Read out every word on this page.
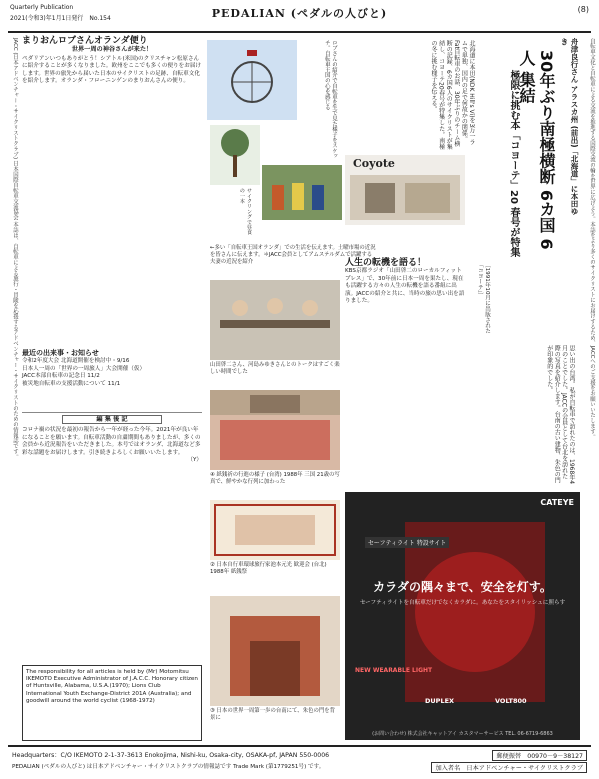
Quarterly Publication
2021(令和3)年1月1日発行　No.154	PEDALIAN (ペダルの人びと)	(8)
JACC (日本アドベンチャー・サイクリストクラブ) 日本国際自転車交流協会 本誌は、自転車による旅行・冒険を応援するアドベンチャー・サイクリストのための情報誌です。	自転車文化と自転車による交流を推進する国際交流の輪を世界に広げよう。本誌をより多くのサイクリストにお届けするため、JACCへのご支援をお願いいたします。
まりおんロブさんオランダ便り
世界一周の神谷さんが来た！

ペダリアンいつもありがとう！シアトル(米国)のクリスチャン松原さんに紹介することが多くなりました。欧州をここでも多くの便りをお届けします。世界の旅先から届いた日本のサイクリストの足跡、自転車文化を紹介します。オランダ・フローニンゲンのまりおんさんの便り。

最近の出来事・お知らせ
令和2年度大会 北海道開催を検討中・9/16
日本人一周の「世界の一周旅人」大会開催（仮）
JACC本部自転車の記念日 11/2
被災地自転車の支援活動について 11/1
編 集 後 記

コロナ禍の状況を最初の報告から一年が経った今年。2021年が良い年になることを願います。自転車活動の自粛期間もありましたが、多くの会員から近況報告をいただきました。本号ではオランダ、北海道など多彩な話題をお届けします。引き続きよろしくお願いいたします。

（Y）

The responsibility for all articles is held by (Mr) Motomitsu IKEMOTO Executive Administrator of J.A.C.C. Honorary citizen of Huntsville, Alabama, U.S.A.(1970); Lions Club International Youth Exchange-District 201A (Australia); and goodwill around the world cyclist (1968-1972)
ロブさんの紹介で自転車を生で見た様子をスケッチ。自転車王国の心を感じる
サイクリングで昼食の一本
←多い「自転車王国オランダ」での生活を伝えます。土曜市場の近況を皆さんに伝えます。＊JACC会員としてアムステルダムで活躍する夫妻の近況を紹介
Coyote
北海道に本田(NDK Hill's Vi)を3万一ラムで単独、国内の足で何故かの関係。Fat自転車のお話、30年ぶりのチーム横断の記録、6カ国6人のサイクリストが集結し、コヨーテ20春号が特集した。南極の冬に挑む様子を伝える。	30年ぶり南極横断 6カ国 6人 集結	舟津良行さん アラスカ州 (前出)「北海道」に本田ゆき
極限に挑む本「コヨーテ」20 春号が特集
〔1991年10月に出版された「コヨーテ」〕
人生の転機を語る！

KBS京都ラジオ「山田啓二のローカルフィットプレス」で、30年前に日本一周を果たし、現在も活躍する方々の人生の転機を語る番組に出演。JACCの紹介と共に、当時の旅の思い出を語りました。

山田啓二さん、河島みゆきさんとのトークはすごく楽しい時間でした
④ 紙銭祈の行進の様子 (台湾) 1988年 三国 21歳の写真で、鮮やかな行列に加わった
② 日本自行車環球旅行家池本元光 歓迎会 (台北) 1988年 紙銭祭
③ 日本の世界一周第一歩の台南にて、朱色の門を背景に
思い出の台湾。私が自転車で訪れたのは、1968年4月のことでした。JACCの会員として台北を訪れた際の写真を紹介します。台南の古い建物、朱色の門が印象的でした。
セーフティライト 特設サイト
カラダの隅々まで、安全を灯す。
セーフティライトを自転車だけでなくカラダに。あなたをスタイリッシュに照らす
CATEYE
NEW WEARABLE LIGHT
DUPLEX	VOLT800
(お問い合わせ) 株式会社キャットアイ カスタマーサービス TEL. 06-6719-6863
Headquarters：C/O IKEMOTO 2-1-37-3613 Enokojima, Nishi-ku, Osaka-city, OSAKA-pf, JAPAN 550-0006
PEDALIAN (ペダルの人びと) は日本アドベンチャー・サイクリストクラブの情報誌です Trade Mark (第1779251号) です。
郵便振替　00970－9－38127
加入者名　日本アドベンチャー・サイクリストクラブ
